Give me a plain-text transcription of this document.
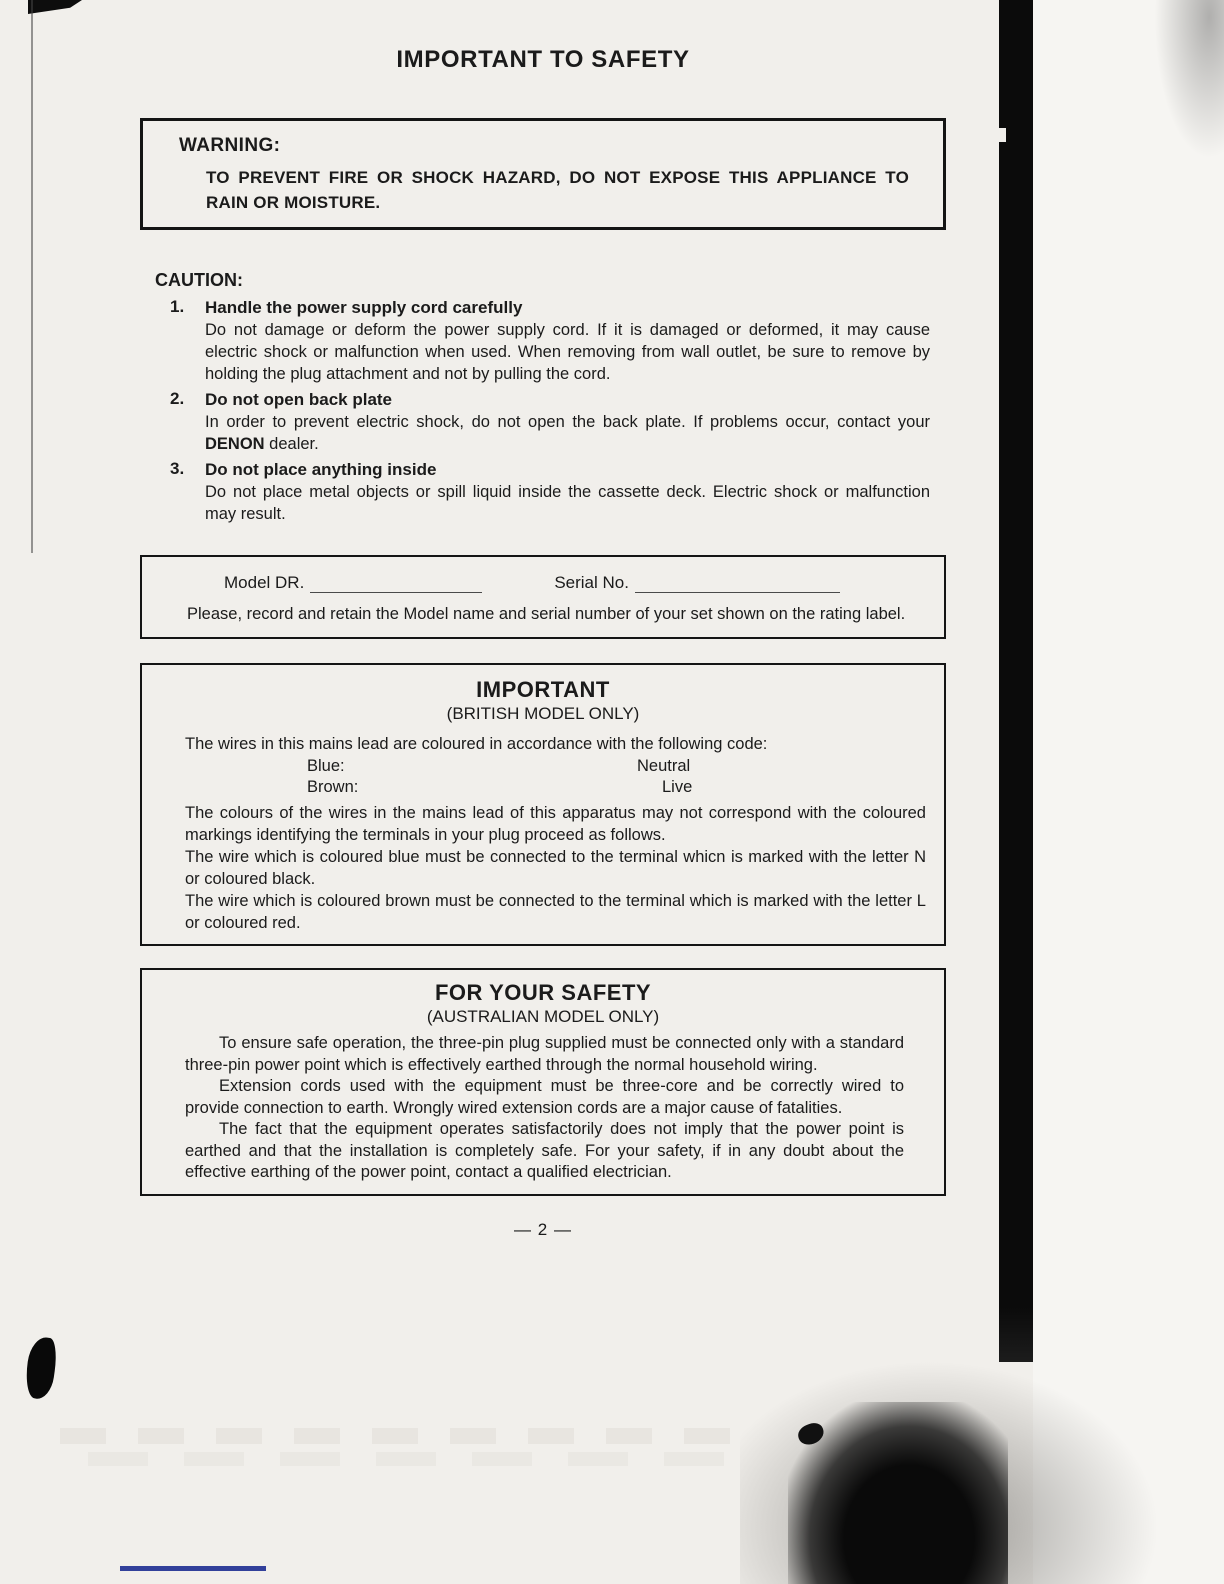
IMPORTANT TO SAFETY
WARNING:
TO PREVENT FIRE OR SHOCK HAZARD, DO NOT EXPOSE THIS APPLIANCE TO RAIN OR MOISTURE.
CAUTION:
1. Handle the power supply cord carefully
Do not damage or deform the power supply cord. If it is damaged or deformed, it may cause electric shock or malfunction when used. When removing from wall outlet, be sure to remove by holding the plug attachment and not by pulling the cord.
2. Do not open back plate
In order to prevent electric shock, do not open the back plate. If problems occur, contact your DENON dealer.
3. Do not place anything inside
Do not place metal objects or spill liquid inside the cassette deck. Electric shock or malfunction may result.
Model DR.	Serial No.
Please, record and retain the Model name and serial number of your set shown on the rating label.
IMPORTANT
(BRITISH MODEL ONLY)
The wires in this mains lead are coloured in accordance with the following code:
Blue:	Neutral
Brown:	Live

The colours of the wires in the mains lead of this apparatus may not correspond with the coloured markings identifying the terminals in your plug proceed as follows.

The wire which is coloured blue must be connected to the terminal whicn is marked with the letter N or coloured black.

The wire which is coloured brown must be connected to the terminal which is marked with the letter L or coloured red.

FOR YOUR SAFETY
(AUSTRALIAN MODEL ONLY)

To ensure safe operation, the three-pin plug supplied must be connected only with a standard three-pin power point which is effectively earthed through the normal household wiring.

Extension cords used with the equipment must be three-core and be correctly wired to provide connection to earth. Wrongly wired extension cords are a major cause of fatalities.

The fact that the equipment operates satisfactorily does not imply that the power point is earthed and that the installation is completely safe. For your safety, if in any doubt about the effective earthing of the power point, contact a qualified electrician.

— 2 —
